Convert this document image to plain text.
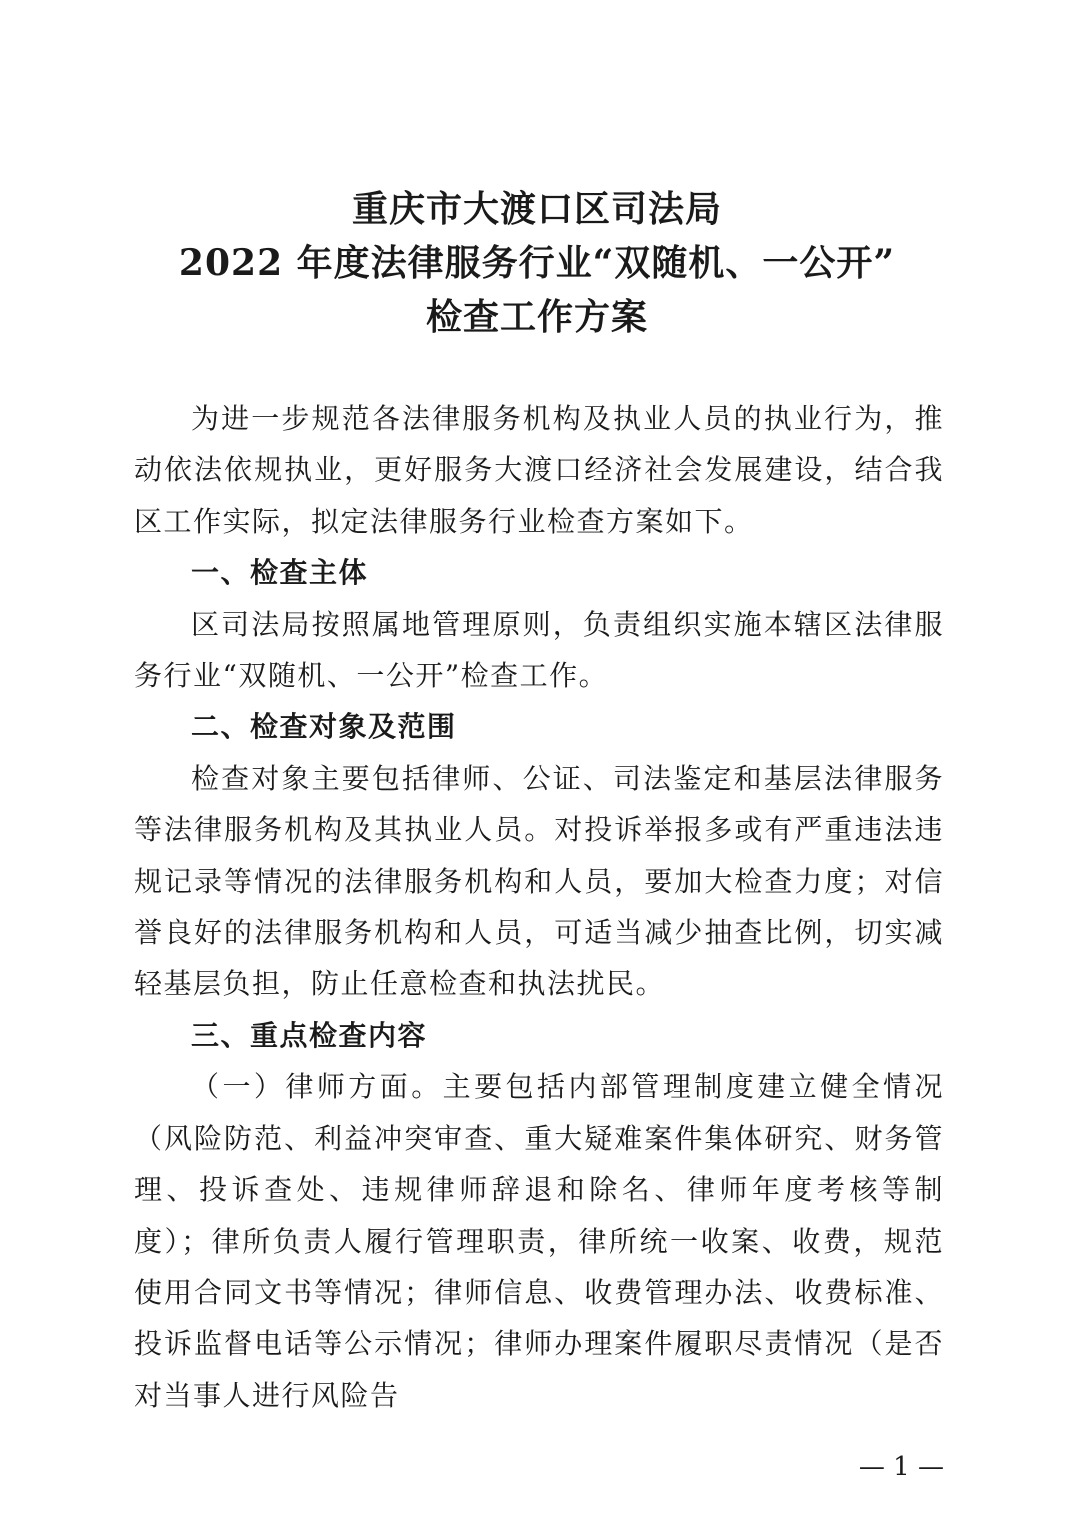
重庆市大渡口区司法局
2022 年度法律服务行业“双随机、一公开”
检查工作方案

为进一步规范各法律服务机构及执业人员的执业行为，推动依法依规执业，更好服务大渡口经济社会发展建设，结合我区工作实际，拟定法律服务行业检查方案如下。

一、检查主体

区司法局按照属地管理原则，负责组织实施本辖区法律服务行业“双随机、一公开”检查工作。

二、检查对象及范围

检查对象主要包括律师、公证、司法鉴定和基层法律服务等法律服务机构及其执业人员。对投诉举报多或有严重违法违规记录等情况的法律服务机构和人员，要加大检查力度；对信誉良好的法律服务机构和人员，可适当减少抽查比例，切实减轻基层负担，防止任意检查和执法扰民。

三、重点检查内容

（一）律师方面。主要包括内部管理制度建立健全情况（风险防范、利益冲突审查、重大疑难案件集体研究、财务管理、投诉查处、违规律师辞退和除名、律师年度考核等制度）；律所负责人履行管理职责，律所统一收案、收费，规范使用合同文书等情况；律师信息、收费管理办法、收费标准、投诉监督电话等公示情况；律师办理案件履职尽责情况（是否对当事人进行风险告

— 1 —
